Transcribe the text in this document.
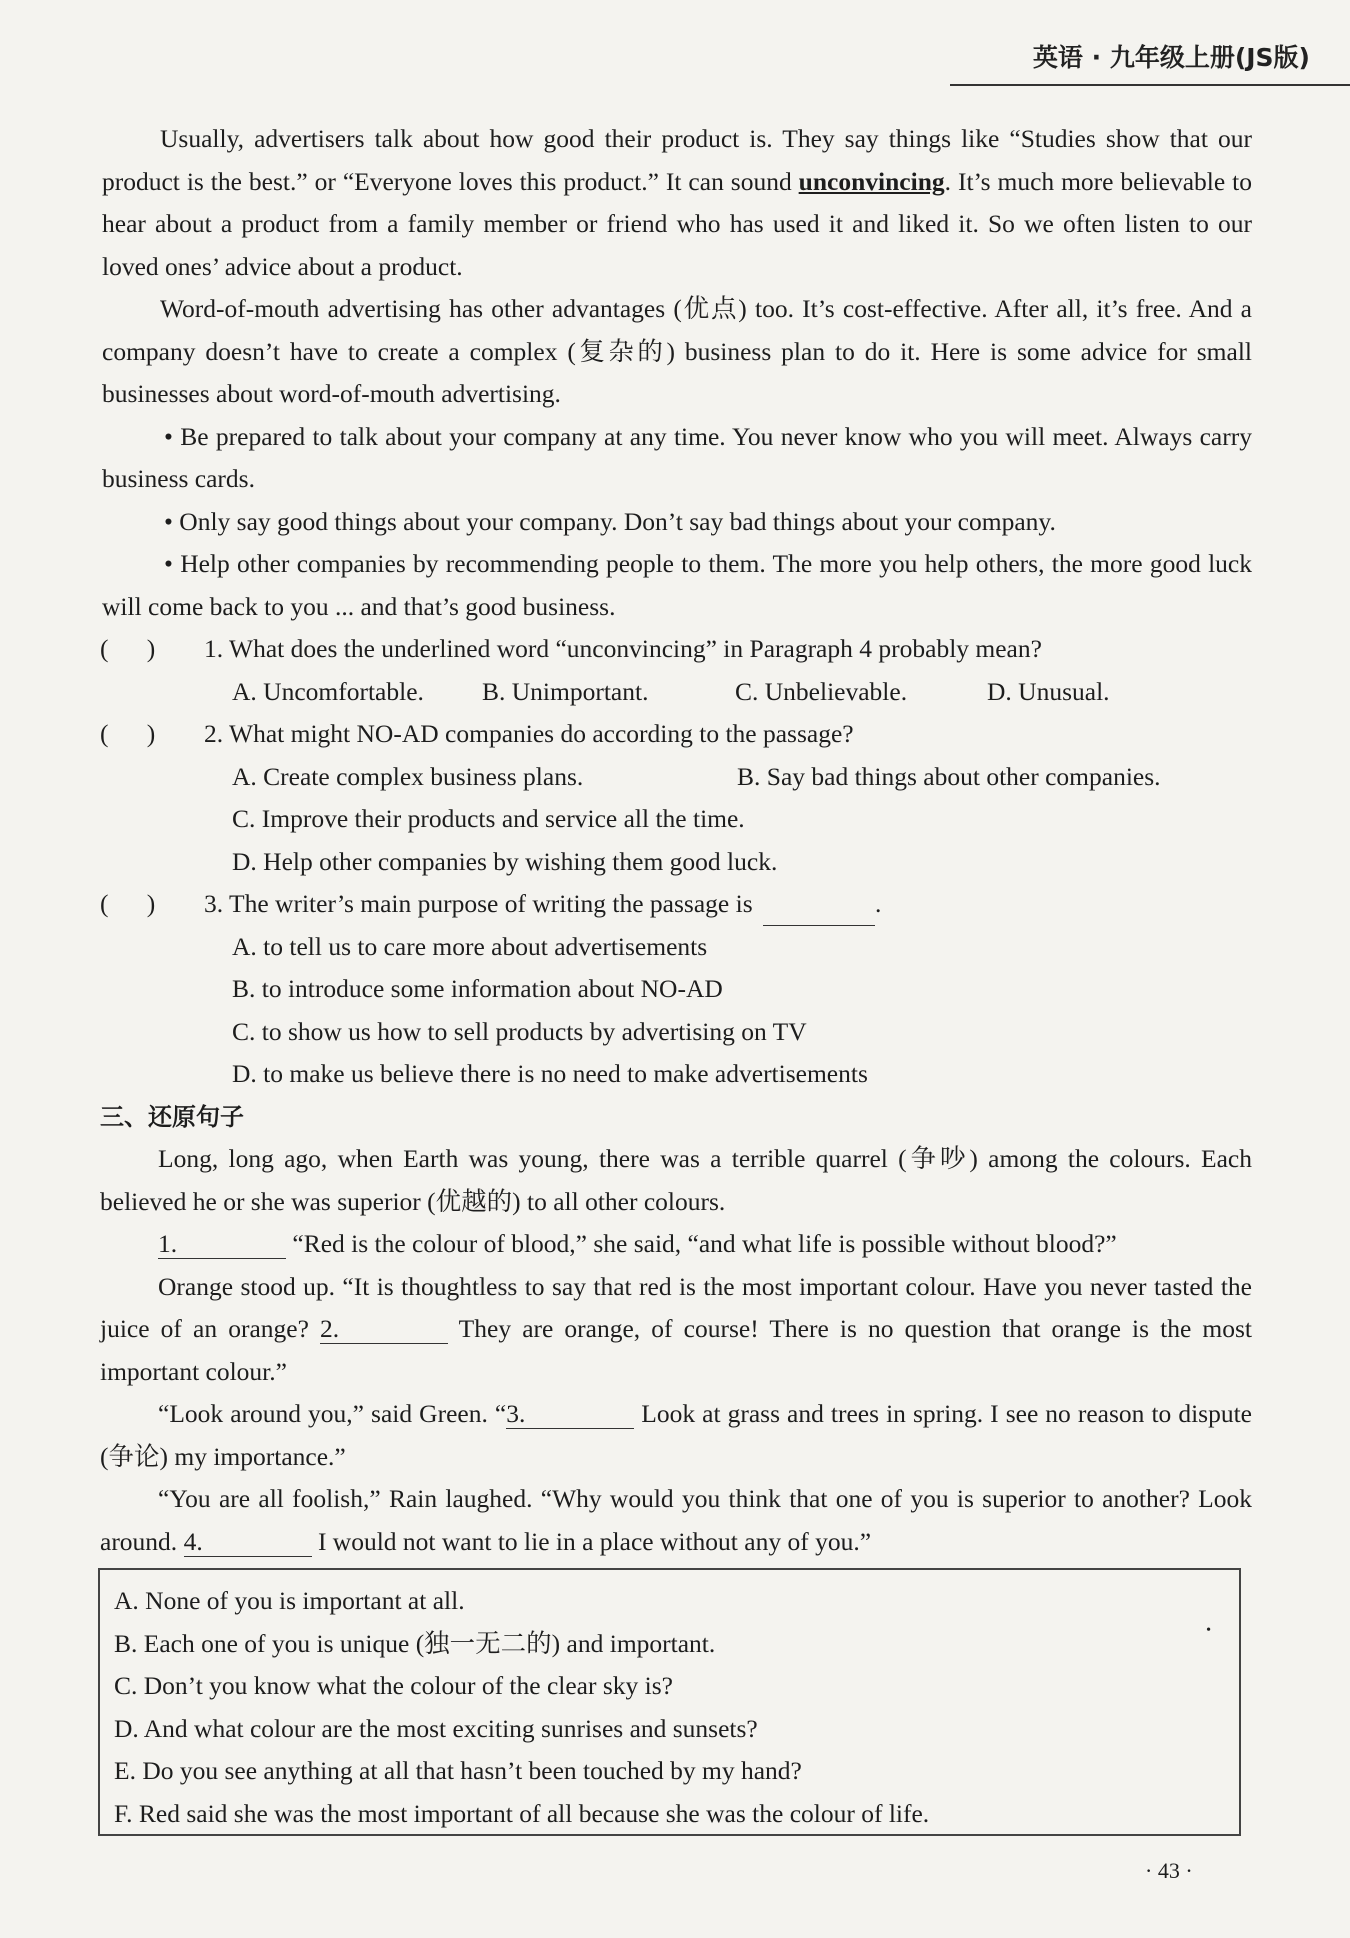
英语 · 九年级上册(JS版)

Usually, advertisers talk about how good their product is. They say things like “Studies show that our product is the best.” or “Everyone loves this product.” It can sound unconvincing. It’s much more believable to hear about a product from a family member or friend who has used it and liked it. So we often listen to our loved ones’ advice about a product.

Word-of-mouth advertising has other advantages (优点) too. It’s cost-effective. After all, it’s free. And a company doesn’t have to create a complex (复杂的) business plan to do it. Here is some advice for small businesses about word-of-mouth advertising.

• Be prepared to talk about your company at any time. You never know who you will meet. Always carry business cards.

• Only say good things about your company. Don’t say bad things about your company.

• Help other companies by recommending people to them. The more you help others, the more good luck will come back to you ... and that’s good business.

(      )	1. What does the underlined word “unconvincing” in Paragraph 4 probably mean?
A. Uncomfortable.	B. Unimportant.	C. Unbelievable.	D. Unusual.
(      )	2. What might NO-AD companies do according to the passage?
A. Create complex business plans.	B. Say bad things about other companies.
C. Improve their products and service all the time.
D. Help other companies by wishing them good luck.
(      )	3. The writer’s main purpose of writing the passage is
	.
A. to tell us to care more about advertisements
B. to introduce some information about NO-AD
C. to show us how to sell products by advertising on TV
D. to make us believe there is no need to make advertisements
三、还原句子

Long, long ago, when Earth was young, there was a terrible quarrel (争吵) among the colours. Each believed he or she was superior (优越的) to all other colours.

1.	“Red is the colour of blood,” she said, “and what life is possible without blood?”

Orange stood up. “It is thoughtless to say that red is the most important colour. Have you never tasted the juice of an orange? 2.	They are orange, of course! There is no question that orange is the most important colour.”

“Look around you,” said Green. “3.	Look at grass and trees in spring. I see no reason to dispute (争论) my importance.”

“You are all foolish,” Rain laughed. “Why would you think that one of you is superior to another? Look around. 4.	I would not want to lie in a place without any of you.”

A. None of you is important at all.
B. Each one of you is unique (独一无二的) and important.
C. Don’t you know what the colour of the clear sky is?
D. And what colour are the most exciting sunrises and sunsets?
E. Do you see anything at all that hasn’t been touched by my hand?
F. Red said she was the most important of all because she was the colour of life.
•
· 43 ·
